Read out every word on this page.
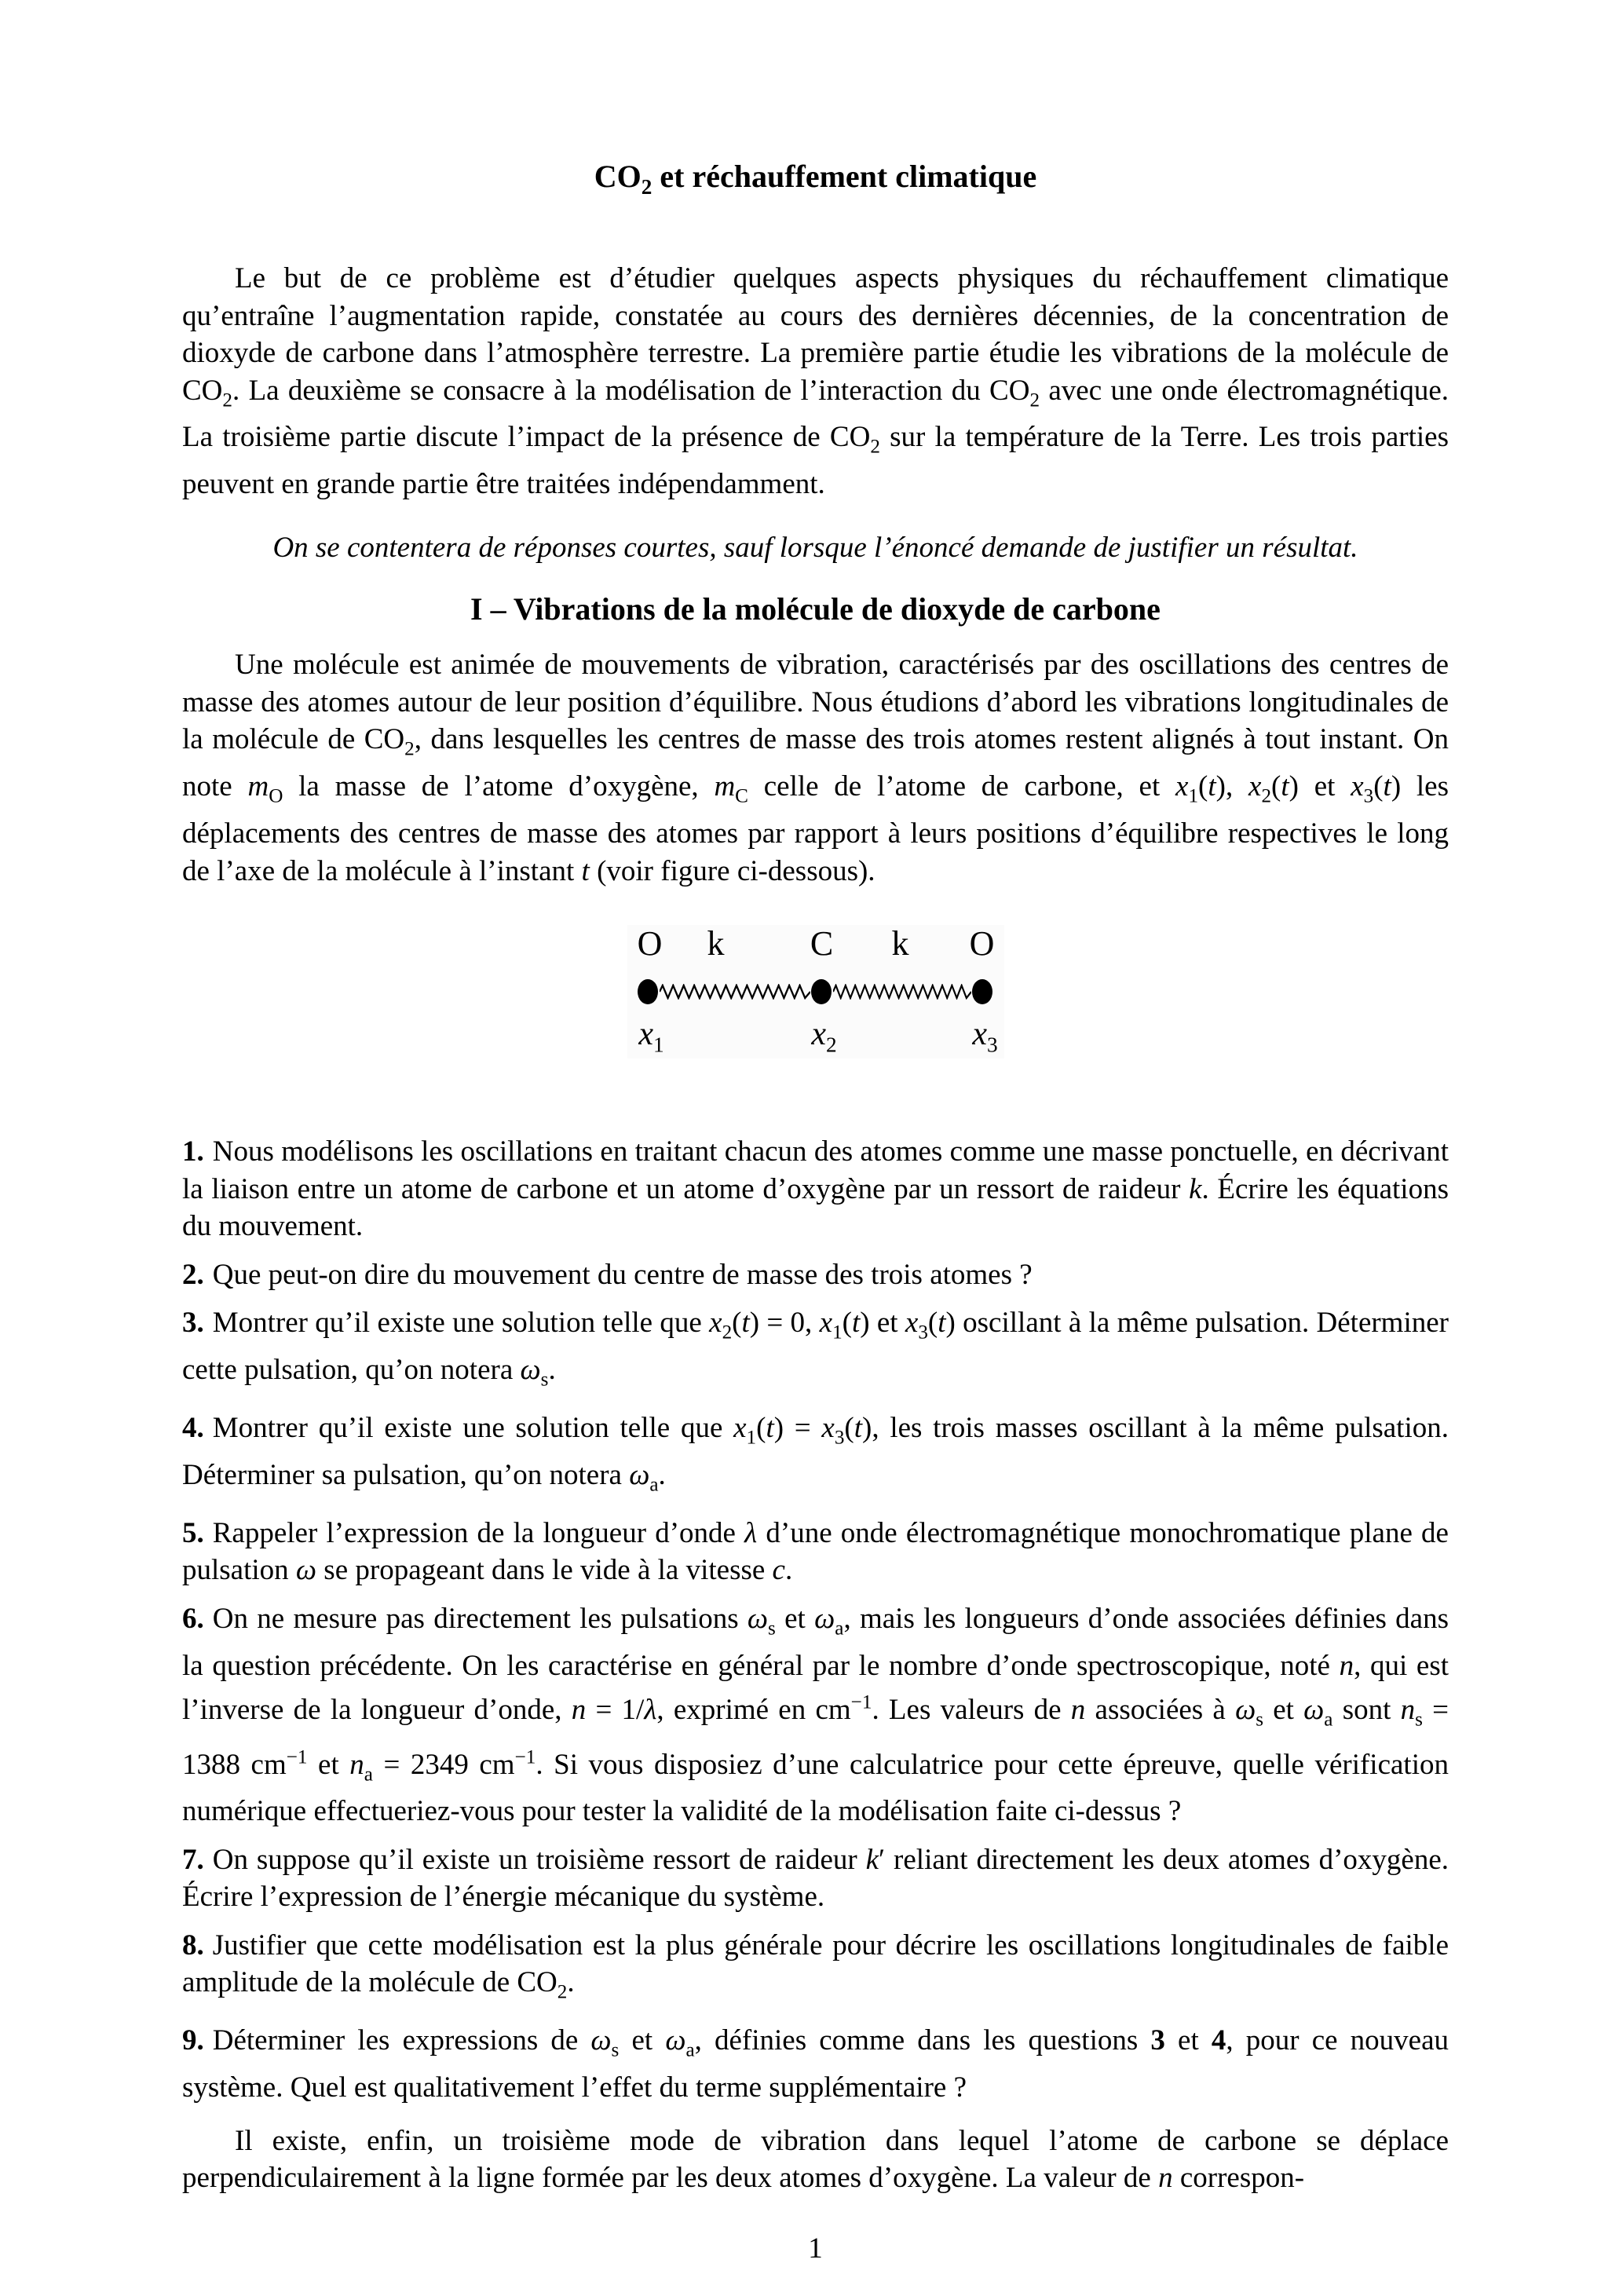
$CO_2$ et réchauffement climatique

Le but de ce problème est d’étudier quelques aspects physiques du réchauffement climatique qu’entraîne l’augmentation rapide, constatée au cours des dernières décennies, de la concentration de dioxyde de carbone dans l’atmosphère terrestre. La première partie étudie les vibrations de la molécule de $CO_2$. La deuxième se consacre à la modélisation de l’interaction du $CO_2$ avec une onde électromagnétique. La troisième partie discute l’impact de la présence de $CO_2$ sur la température de la Terre. Les trois parties peuvent en grande partie être traitées indépendamment.

On se contentera de réponses courtes, sauf lorsque l’énoncé demande de justifier un résultat.

I – Vibrations de la molécule de dioxyde de carbone

Une molécule est animée de mouvements de vibration, caractérisés par des oscillations des centres de masse des atomes autour de leur position d’équilibre. Nous étudions d’abord les vibrations longitudinales de la molécule de $CO_2$, dans lesquelles les centres de masse des trois atomes restent alignés à tout instant. On note $m_O$ la masse de l’atome d’oxygène, $m_C$ celle de l’atome de carbone, et $x_1(t)$, $x_2(t)$ et $x_3(t)$ les déplacements des centres de masse des atomes par rapport à leurs positions d’équilibre respectives le long de l’axe de la molécule à l’instant t (voir figure ci-dessous).

O k C k O
$x_1$	$x_2$	$x_3$

1. Nous modélisons les oscillations en traitant chacun des atomes comme une masse ponctuelle, en décrivant la liaison entre un atome de carbone et un atome d’oxygène par un ressort de raideur k. Écrire les équations du mouvement.

2. Que peut-on dire du mouvement du centre de masse des trois atomes ?

3. Montrer qu’il existe une solution telle que $x_2(t) = 0$, $x_1(t)$ et $x_3(t)$ oscillant à la même pulsation. Déterminer cette pulsation, qu’on notera $\omega_s$.

4. Montrer qu’il existe une solution telle que $x_1(t) = x_3(t)$, les trois masses oscillant à la même pulsation. Déterminer sa pulsation, qu’on notera $\omega_a$.

5. Rappeler l’expression de la longueur d’onde λ d’une onde électromagnétique monochromatique plane de pulsation ω se propageant dans le vide à la vitesse c.

6. On ne mesure pas directement les pulsations $\omega_s$ et $\omega_a$, mais les longueurs d’onde associées définies dans la question précédente. On les caractérise en général par le nombre d’onde spectroscopique, noté n, qui est l’inverse de la longueur d’onde, n = 1/λ, exprimé en $cm^{-1}$. Les valeurs de n associées à $\omega_s$ et $\omega_a$ sont $n_s = 1388$ $cm^{-1}$ et $n_a = 2349$ $cm^{-1}$. Si vous disposiez d’une calculatrice pour cette épreuve, quelle vérification numérique effectueriez-vous pour tester la validité de la modélisation faite ci-dessus ?

7. On suppose qu’il existe un troisième ressort de raideur k′ reliant directement les deux atomes d’oxygène. Écrire l’expression de l’énergie mécanique du système.

8. Justifier que cette modélisation est la plus générale pour décrire les oscillations longitudinales de faible amplitude de la molécule de $CO_2$.

9. Déterminer les expressions de $\omega_s$ et $\omega_a$, définies comme dans les questions 3 et 4, pour ce nouveau système. Quel est qualitativement l’effet du terme supplémentaire ?

Il existe, enfin, un troisième mode de vibration dans lequel l’atome de carbone se déplace perpendiculairement à la ligne formée par les deux atomes d’oxygène. La valeur de n correspon-

1
